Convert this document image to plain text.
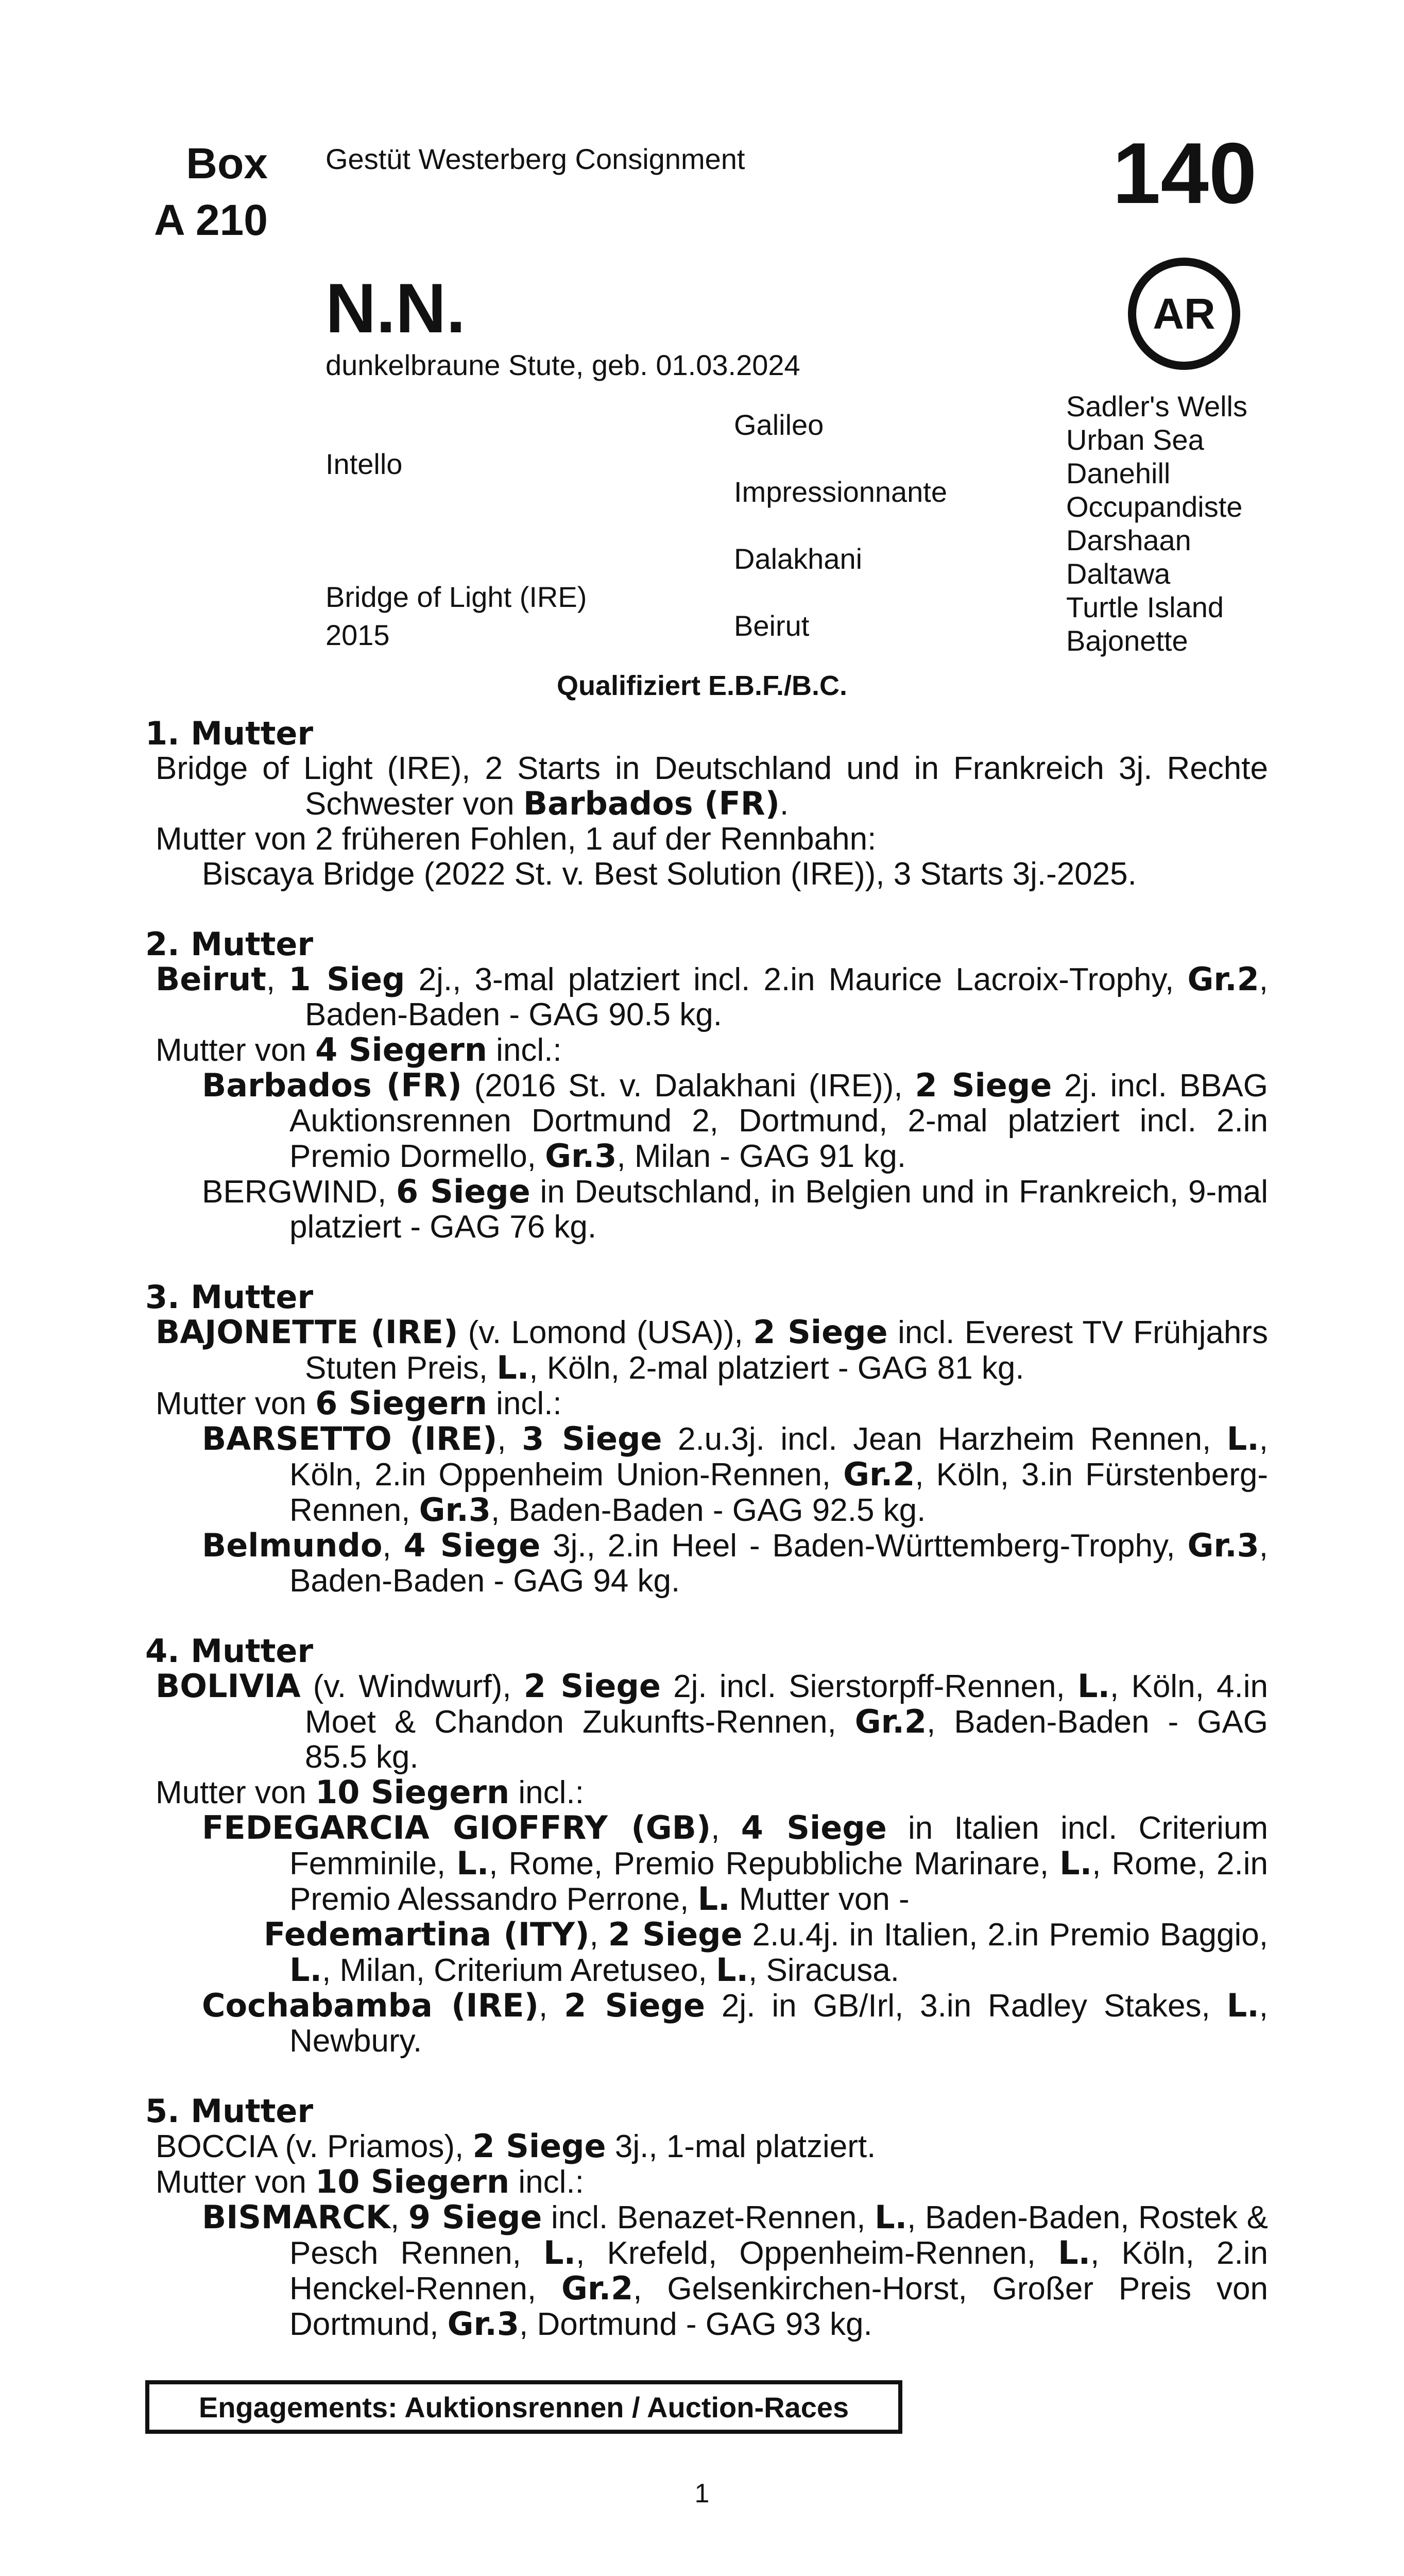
Box
A 210
Gestüt Westerberg Consignment	140
AR
N.N.
dunkelbraune Stute, geb. 01.03.2024
Intello
Bridge of Light (IRE)
2015
Galileo
Impressionnante
Dalakhani
Beirut
Sadler's Wells
Urban Sea
Danehill
Occupandiste
Darshaan
Daltawa
Turtle Island
Bajonette
Qualifiziert E.B.F./B.C.
1. Mutter
Bridge of Light (IRE), 2 Starts in Deutschland und in Frankreich 3j. Rechte Schwester von Barbados (FR).
Mutter von 2 früheren Fohlen, 1 auf der Rennbahn:
Biscaya Bridge (2022 St. v. Best Solution (IRE)), 3 Starts 3j.-2025.
2. Mutter
Beirut, 1 Sieg 2j., 3-mal platziert incl. 2.in Maurice Lacroix-Trophy, Gr.2, Baden-Baden - GAG 90.5 kg.
Mutter von 4 Siegern incl.:
Barbados (FR) (2016 St. v. Dalakhani (IRE)), 2 Siege 2j. incl. BBAG Auktionsrennen Dortmund 2, Dortmund, 2-mal platziert incl. 2.in Premio Dormello, Gr.3, Milan - GAG 91 kg.
BERGWIND, 6 Siege in Deutschland, in Belgien und in Frankreich, 9-mal platziert - GAG 76 kg.
3. Mutter
BAJONETTE (IRE) (v. Lomond (USA)), 2 Siege incl. Everest TV Frühjahrs Stuten Preis, L., Köln, 2-mal platziert - GAG 81 kg.
Mutter von 6 Siegern incl.:
BARSETTO (IRE), 3 Siege 2.u.3j. incl. Jean Harzheim Rennen, L., Köln, 2.in Oppenheim Union-Rennen, Gr.2, Köln, 3.in Fürstenberg-Rennen, Gr.3, Baden-Baden - GAG 92.5 kg.
Belmundo, 4 Siege 3j., 2.in Heel - Baden-Württemberg-Trophy, Gr.3, Baden-Baden - GAG 94 kg.
4. Mutter
BOLIVIA (v. Windwurf), 2 Siege 2j. incl. Sierstorpff-Rennen, L., Köln, 4.in Moet & Chandon Zukunfts-Rennen, Gr.2, Baden-Baden - GAG 85.5 kg.
Mutter von 10 Siegern incl.:
FEDEGARCIA GIOFFRY (GB), 4 Siege in Italien incl. Criterium Femminile, L., Rome, Premio Repubbliche Marinare, L., Rome, 2.in Premio Alessandro Perrone, L. Mutter von -
Fedemartina (ITY), 2 Siege 2.u.4j. in Italien, 2.in Premio Baggio, L., Milan, Criterium Aretuseo, L., Siracusa.
Cochabamba (IRE), 2 Siege 2j. in GB/Irl, 3.in Radley Stakes, L., Newbury.
5. Mutter
BOCCIA (v. Priamos), 2 Siege 3j., 1-mal platziert.
Mutter von 10 Siegern incl.:
BISMARCK, 9 Siege incl. Benazet-Rennen, L., Baden-Baden, Rostek & Pesch Rennen, L., Krefeld, Oppenheim-Rennen, L., Köln, 2.in Henckel-Rennen, Gr.2, Gelsenkirchen-Horst, Großer Preis von Dortmund, Gr.3, Dortmund - GAG 93 kg.
Engagements: Auktionsrennen / Auction-Races
1
